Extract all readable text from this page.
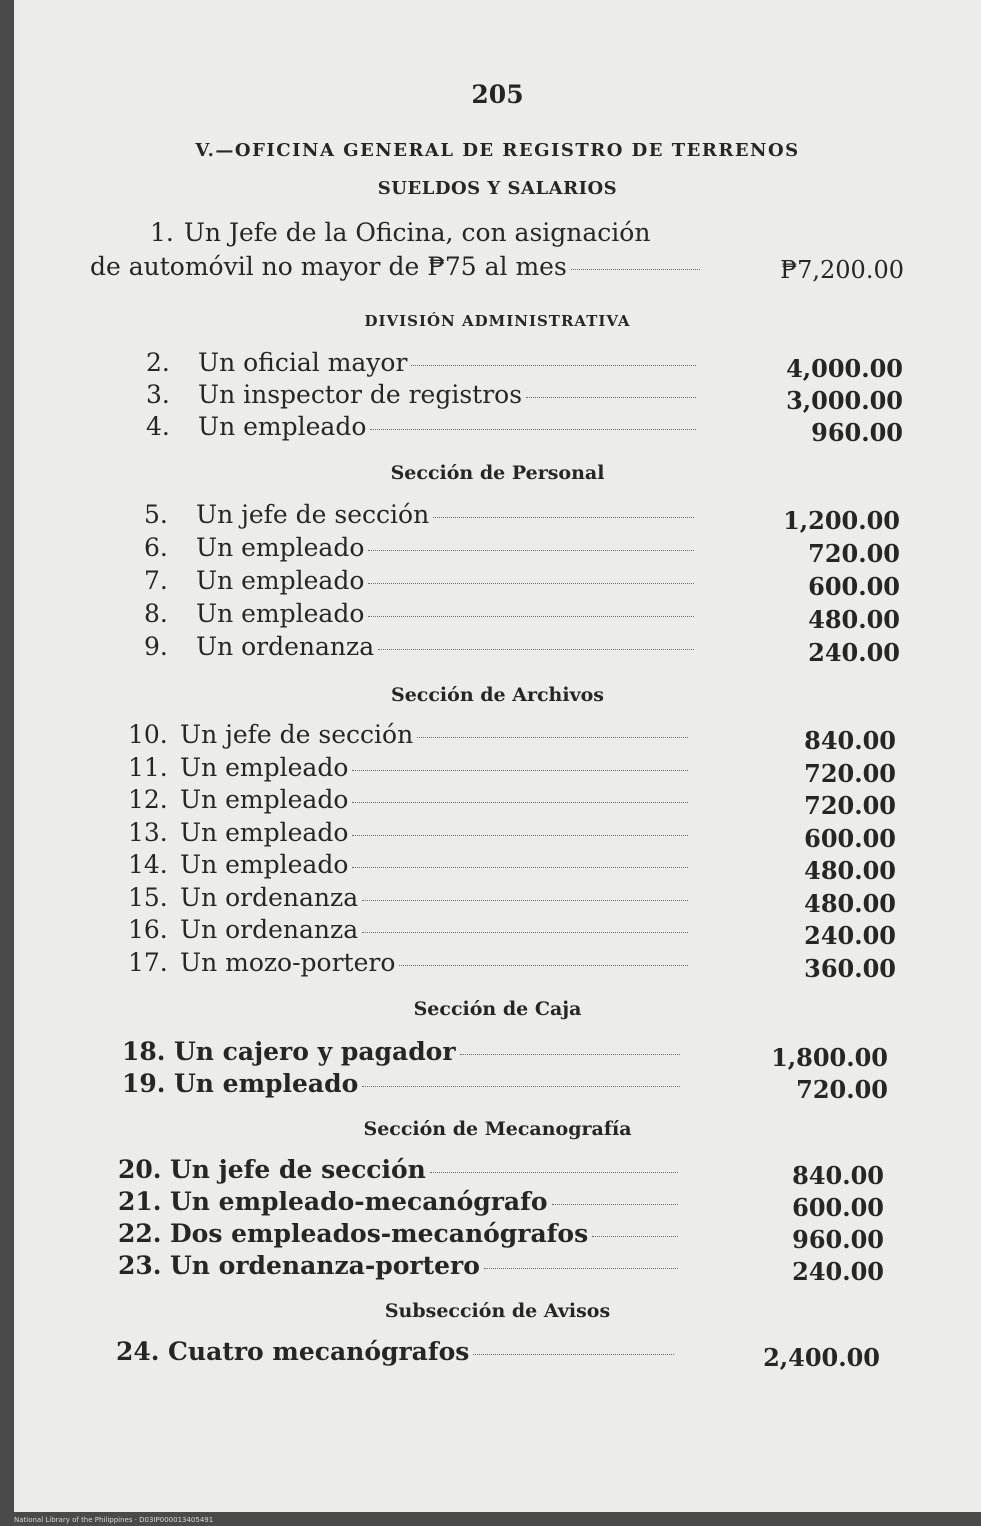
205
V.—OFICINA GENERAL DE REGISTRO DE TERRENOS
SUELDOS Y SALARIOS
1. Un Jefe de la Oficina, con asignación
de automóvil no mayor de ₱75 al mes	₱7,200.00
DIVISIÓN ADMINISTRATIVA
2.	Un oficial mayor	4,000.00
3.	Un inspector de registros	3,000.00
4.	Un empleado	960.00
Sección de Personal
5.	Un jefe de sección	1,200.00
6.	Un empleado	720.00
7.	Un empleado	600.00
8.	Un empleado	480.00
9.	Un ordenanza	240.00
Sección de Archivos
10. Un jefe de sección	840.00
11. Un empleado	720.00
12. Un empleado	720.00
13. Un empleado	600.00
14. Un empleado	480.00
15. Un ordenanza	480.00
16. Un ordenanza	240.00
17. Un mozo-portero	360.00
Sección de Caja
18. Un cajero y pagador	1,800.00
19. Un empleado	720.00
Sección de Mecanografía
20. Un jefe de sección	840.00
21. Un empleado-mecanógrafo	600.00
22. Dos empleados-mecanógrafos	960.00
23. Un ordenanza-portero	240.00
Subsección de Avisos
24. Cuatro mecanógrafos	2,400.00
National Library of the Philippines · D03IP000013405491
